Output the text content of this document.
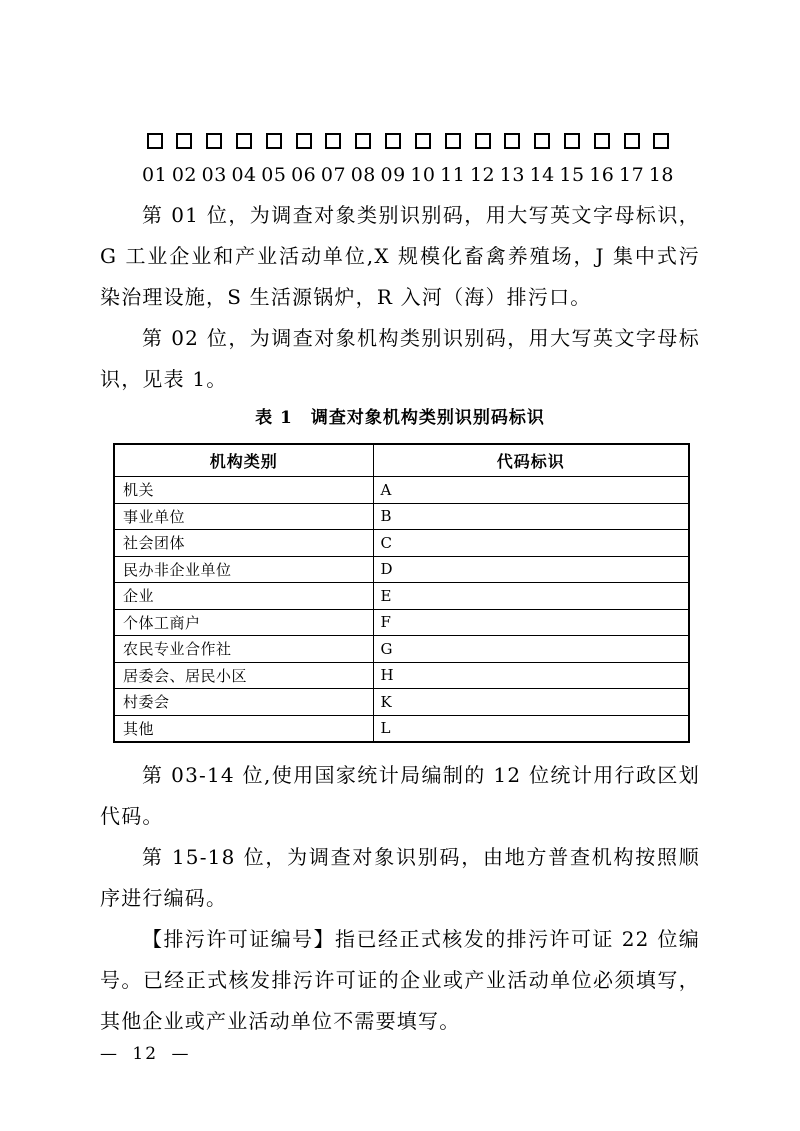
01 02 03 04 05 06 07 08 09 10 11 12 13 14 15 16 17 18

第 01 位，为调查对象类别识别码，用大写英文字母标识，G 工业企业和产业活动单位,X 规模化畜禽养殖场，J 集中式污染治理设施，S 生活源锅炉，R 入河（海）排污口。

第 02 位，为调查对象机构类别识别码，用大写英文字母标识，见表 1。

表 1　调查对象机构类别识别码标识
机构类别	代码标识
机关	A
事业单位	B
社会团体	C
民办非企业单位	D
企业	E
个体工商户	F
农民专业合作社	G
居委会、居民小区	H
村委会	K
其他	L

第 03-14 位,使用国家统计局编制的 12 位统计用行政区划代码。

第 15-18 位，为调查对象识别码，由地方普查机构按照顺序进行编码。

【排污许可证编号】指已经正式核发的排污许可证 22 位编号。已经正式核发排污许可证的企业或产业活动单位必须填写，其他企业或产业活动单位不需要填写。

— 12 —
